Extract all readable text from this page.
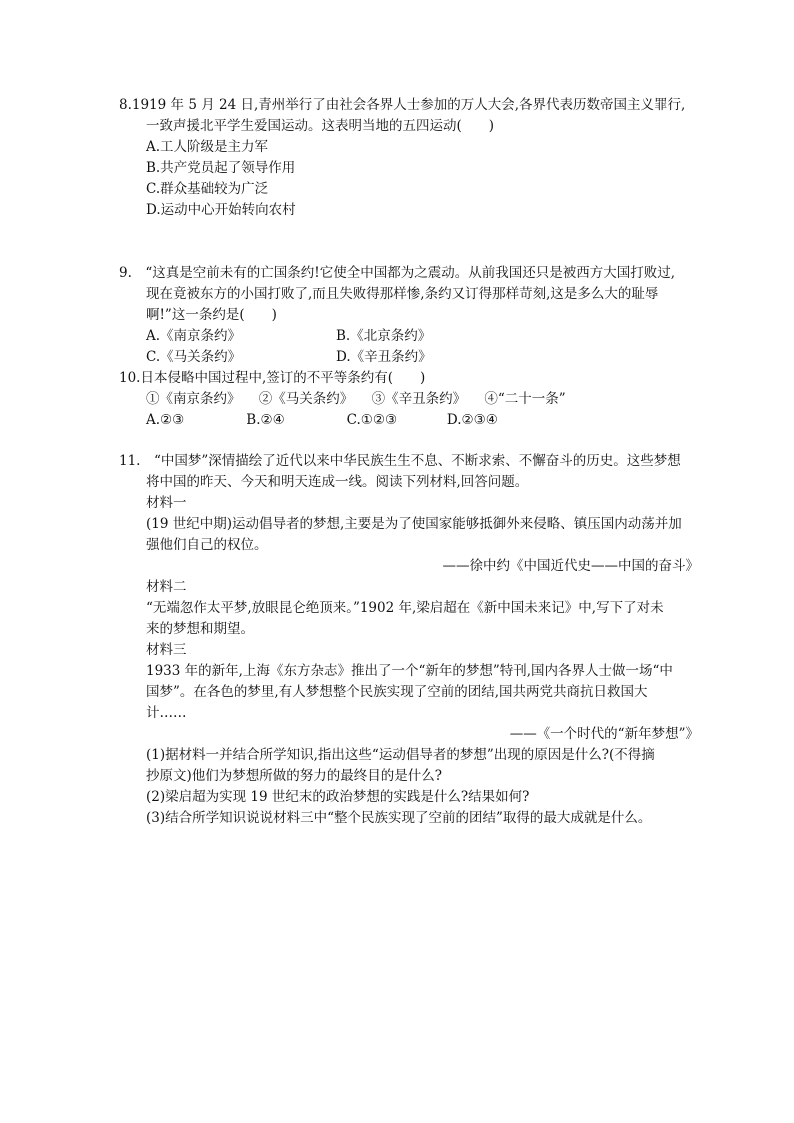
8.1919 年 5 月 24 日,青州举行了由社会各界人士参加的万人大会,各界代表历数帝国主义罪行,
一致声援北平学生爱国运动。这表明当地的五四运动(　　)
A.工人阶级是主力军
B.共产党员起了领导作用
C.群众基础较为广泛
D.运动中心开始转向农村
9.　“这真是空前未有的亡国条约!它使全中国都为之震动。从前我国还只是被西方大国打败过,
现在竟被东方的小国打败了,而且失败得那样惨,条约又订得那样苛刻,这是多么大的耻辱
啊!”这一条约是(　　)
A.《南京条约》	B.《北京条约》
C.《马关条约》	D.《辛丑条约》
10.日本侵略中国过程中,签订的不平等条约有(　　)
①《南京条约》 ②《马关条约》 ③《辛丑条约》 ④“二十一条”
A.②③	B.②④	C.①②③	D.②③④
11.　“中国梦”深情描绘了近代以来中华民族生生不息、不断求索、不懈奋斗的历史。这些梦想
将中国的昨天、今天和明天连成一线。阅读下列材料,回答问题。
材料一
(19 世纪中期)运动倡导者的梦想,主要是为了使国家能够抵御外来侵略、镇压国内动荡并加
强他们自己的权位。
——徐中约《中国近代史——中国的奋斗》
材料二
“无端忽作太平梦,放眼昆仑绝顶来。”1902 年,梁启超在《新中国未来记》中,写下了对未
来的梦想和期望。
材料三
1933 年的新年,上海《东方杂志》推出了一个“新年的梦想”特刊,国内各界人士做一场“中
国梦”。在各色的梦里,有人梦想整个民族实现了空前的团结,国共两党共商抗日救国大
计……
——《一个时代的“新年梦想”》
(1)据材料一并结合所学知识,指出这些“运动倡导者的梦想”出现的原因是什么?(不得摘
抄原文)他们为梦想所做的努力的最终目的是什么?
(2)梁启超为实现 19 世纪末的政治梦想的实践是什么?结果如何?
(3)结合所学知识说说材料三中“整个民族实现了空前的团结”取得的最大成就是什么。
